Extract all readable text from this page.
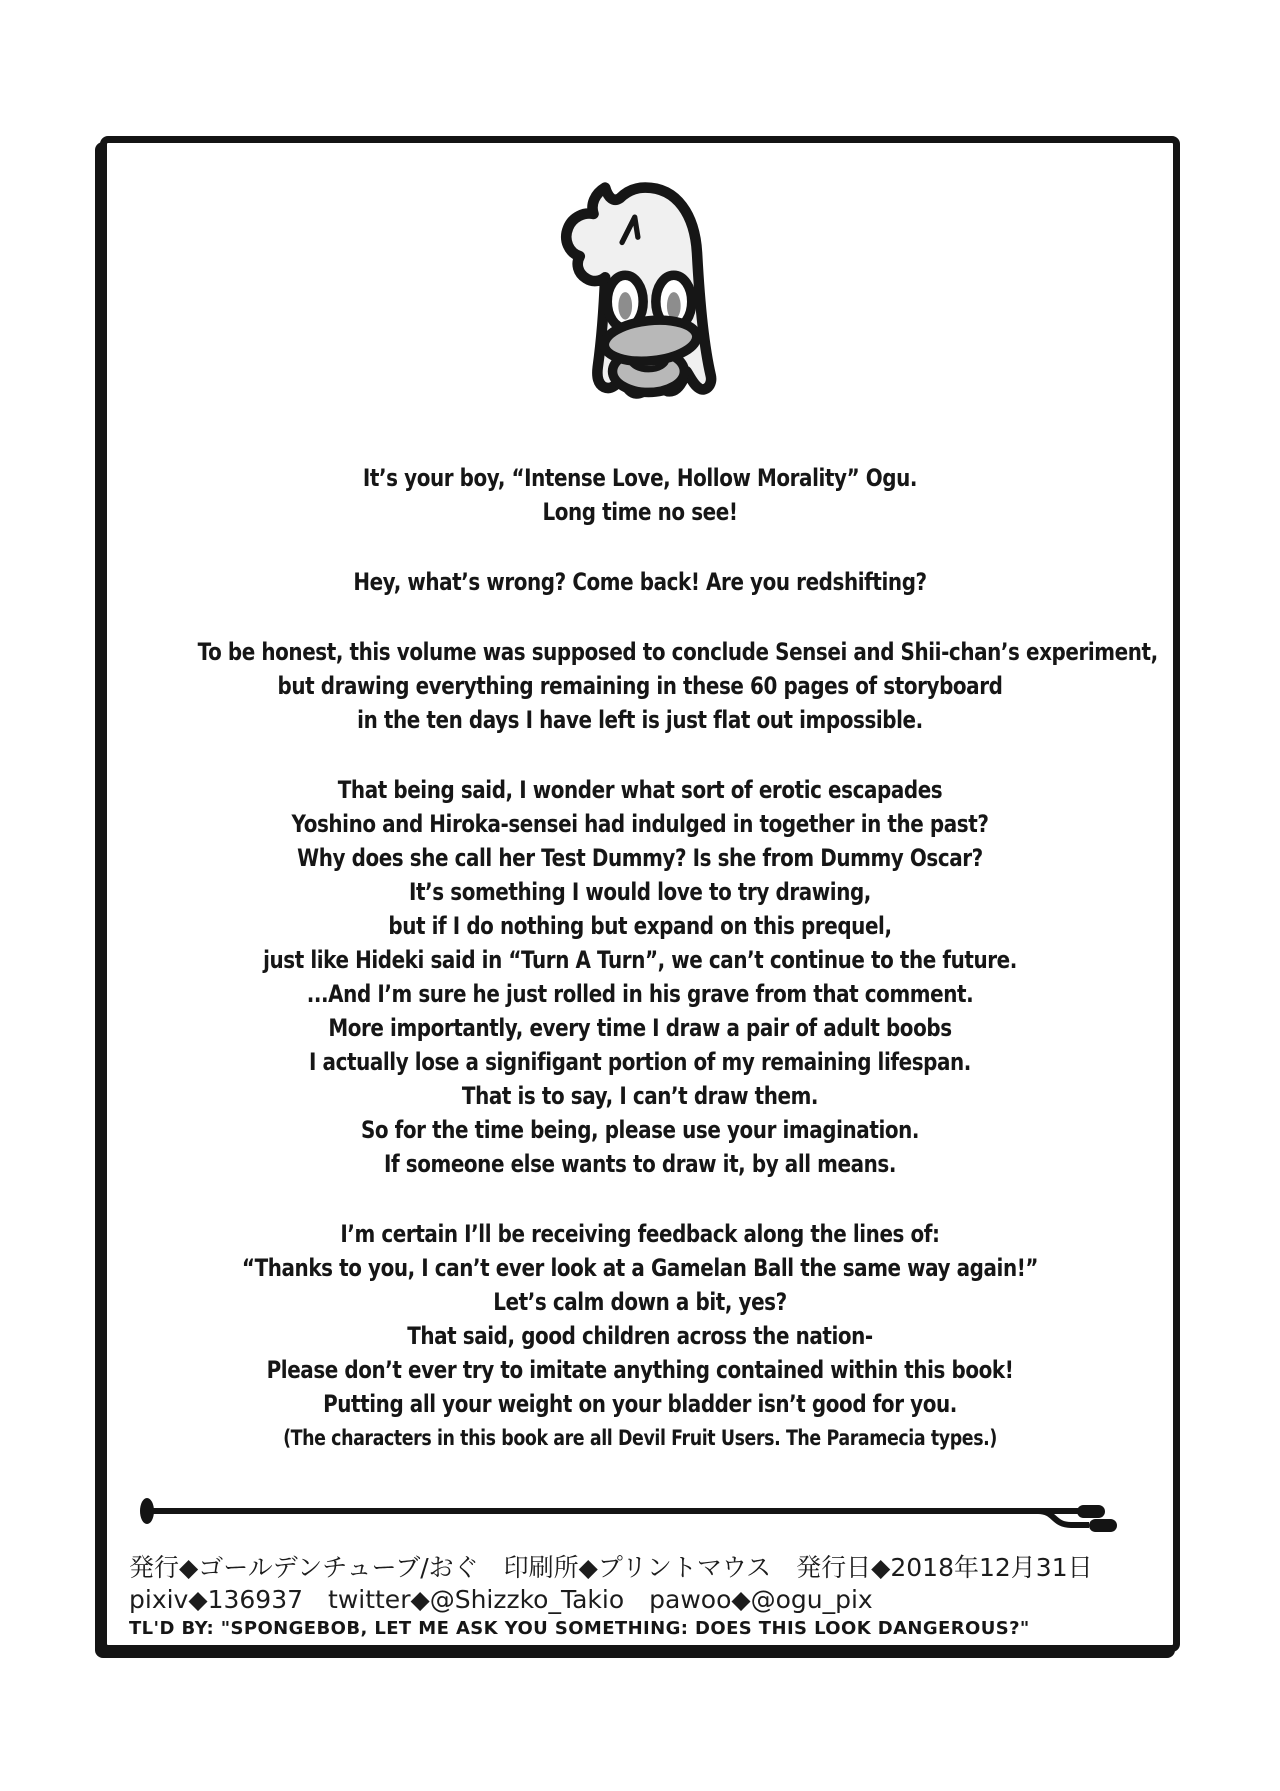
It’s your boy, “Intense Love, Hollow Morality” Ogu.
Long time no see!
Hey, what’s wrong? Come back! Are you redshifting?
To be honest, this volume was supposed to conclude Sensei and Shii-chan’s experiment,
but drawing everything remaining in these 60 pages of storyboard
in the ten days I have left is just flat out impossible.
That being said, I wonder what sort of erotic escapades
Yoshino and Hiroka-sensei had indulged in together in the past?
Why does she call her Test Dummy? Is she from Dummy Oscar?
It’s something I would love to try drawing,
but if I do nothing but expand on this prequel,
just like Hideki said in “Turn A Turn”, we can’t continue to the future.
...And I’m sure he just rolled in his grave from that comment.
More importantly, every time I draw a pair of adult boobs
I actually lose a signifigant portion of my remaining lifespan.
That is to say, I can’t draw them.
So for the time being, please use your imagination.
If someone else wants to draw it, by all means.
I’m certain I’ll be receiving feedback along the lines of:
“Thanks to you, I can’t ever look at a Gamelan Ball the same way again!”
Let’s calm down a bit, yes?
That said, good children across the nation-
Please don’t ever try to imitate anything contained within this book!
Putting all your weight on your bladder isn’t good for you.
(The characters in this book are all Devil Fruit Users. The Paramecia types.)
発行◆ゴールデンチューブ/おぐ　印刷所◆プリントマウス　発行日◆2018年12月31日
pixiv◆136937　twitter◆@Shizzko_Takio　pawoo◆@ogu_pix
TL'D BY: "SPONGEBOB, LET ME ASK YOU SOMETHING: DOES THIS LOOK DANGEROUS?"
